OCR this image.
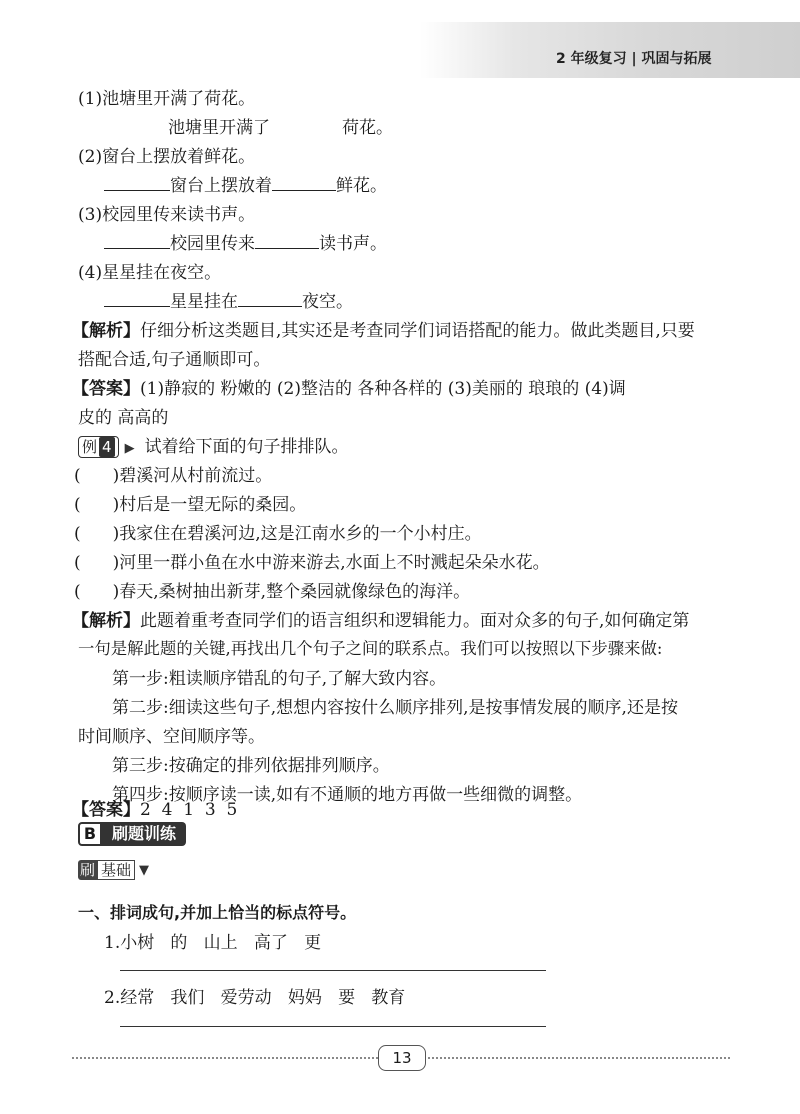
2 年级复习 | 巩固与拓展
(1)池塘里开满了荷花。
池塘里开满了	荷花。
(2)窗台上摆放着鲜花。
窗台上摆放着	鲜花。
(3)校园里传来读书声。
校园里传来	读书声。
(4)星星挂在夜空。
星星挂在	夜空。
【解析】仔细分析这类题目,其实还是考查同学们词语搭配的能力。做此类题目,只要
搭配合适,句子通顺即可。
【答案】(1)静寂的 粉嫩的 (2)整洁的 各种各样的 (3)美丽的 琅琅的 (4)调
皮的 高高的
例 4 ▶ 试着给下面的句子排排队。
( )碧溪河从村前流过。
( )村后是一望无际的桑园。
( )我家住在碧溪河边,这是江南水乡的一个小村庄。
( )河里一群小鱼在水中游来游去,水面上不时溅起朵朵水花。
( )春天,桑树抽出新芽,整个桑园就像绿色的海洋。
【解析】此题着重考查同学们的语言组织和逻辑能力。面对众多的句子,如何确定第
一句是解此题的关键,再找出几个句子之间的联系点。我们可以按照以下步骤来做:
第一步:粗读顺序错乱的句子,了解大致内容。
第二步:细读这些句子,想想内容按什么顺序排列,是按事情发展的顺序,还是按
时间顺序、空间顺序等。
第三步:按确定的排列依据排列顺序。
第四步:按顺序读一读,如有不通顺的地方再做一些细微的调整。
【答案】2  4  1  3  5
B 刷题训练
刷 基础 ▼
一、排词成句,并加上恰当的标点符号。
1.小树   的   山上   高了   更
2.经常   我们   爱劳动   妈妈   要   教育
13
